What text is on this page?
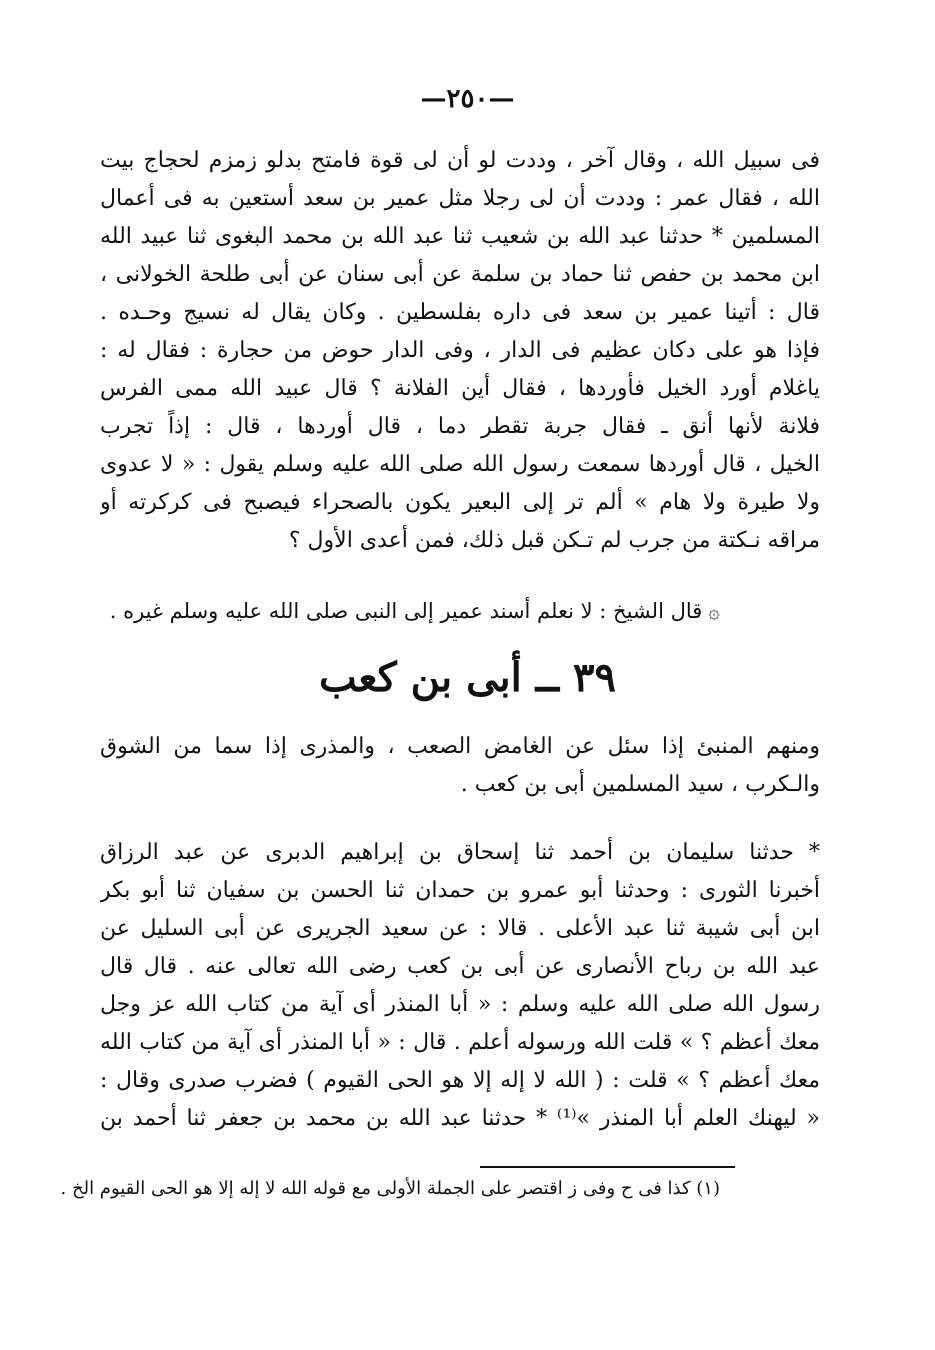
—٢٥٠—
فى سبيل الله ، وقال آخر ، وددت لو أن لى قوة فامتح بدلو زمزم لحجاج بيت
الله ، فقال عمر : وددت أن لى رجلا مثل عمير بن سعد أستعين به فى أعمال
المسلمين * حدثنا عبد الله بن شعيب ثنا عبد الله بن محمد البغوى ثنا عبيد الله
ابن محمد بن حفص ثنا حماد بن سلمة عن أبى سنان عن أبى طلحة الخولانى ،
قال : أتينا عمير بن سعد فى داره بفلسطين . وكان يقال له نسيج وحـده .
فإذا هو على دكان عظيم فى الدار ، وفى الدار حوض من حجارة : فقال له :
ياغلام أورد الخيل فأوردها ، فقال أين الفلانة ؟ قال عبيد الله ممى الفرس
فلانة لأنها أنق ـ فقال جربة تقطر دما ، قال أوردها ، قال : إذاً تجرب
الخيل ، قال أوردها سمعت رسول الله صلى الله عليه وسلم يقول : « لا عدوى
ولا طيرة ولا هام » ألم تر إلى البعير يكون بالصحراء فيصبح فى كركرته أو
مراقه نـكتة من جرب لم تـكن قبل ذلك، فمن أعدى الأول ؟
۞قال الشيخ : لا نعلم أسند عمير إلى النبى صلى الله عليه وسلم غيره .
٣٩ ــ أبى بن كعب
ومنهم المنبئ إذا سئل عن الغامض الصعب ، والمذرى إذا سما من الشوق
والـكرب ، سيد المسلمين أبى بن كعب .
* حدثنا سليمان بن أحمد ثنا إسحاق بن إبراهيم الدبرى عن عبد الرزاق
أخبرنا الثورى : وحدثنا أبو عمرو بن حمدان ثنا الحسن بن سفيان ثنا أبو بكر
ابن أبى شيبة ثنا عبد الأعلى . قالا : عن سعيد الجريرى عن أبى السليل عن
عبد الله بن رباح الأنصارى عن أبى بن كعب رضى الله تعالى عنه . قال قال
رسول الله صلى الله عليه وسلم : « أبا المنذر أى آية من كتاب الله عز وجل
معك أعظم ؟ » قلت الله ورسوله أعلم . قال : « أبا المنذر أى آية من كتاب الله
معك أعظم ؟ » قلت : ( الله لا إله إلا هو الحى القيوم ) فضرب صدرى وقال :
« ليهنك العلم أبا المنذر »⁽¹⁾ * حدثنا عبد الله بن محمد بن جعفر ثنا أحمد بن
(١) كذا فى ح وفى ز اقتصر على الجملة الأولى مع قوله الله لا إله إلا هو الحى القيوم الخ .
